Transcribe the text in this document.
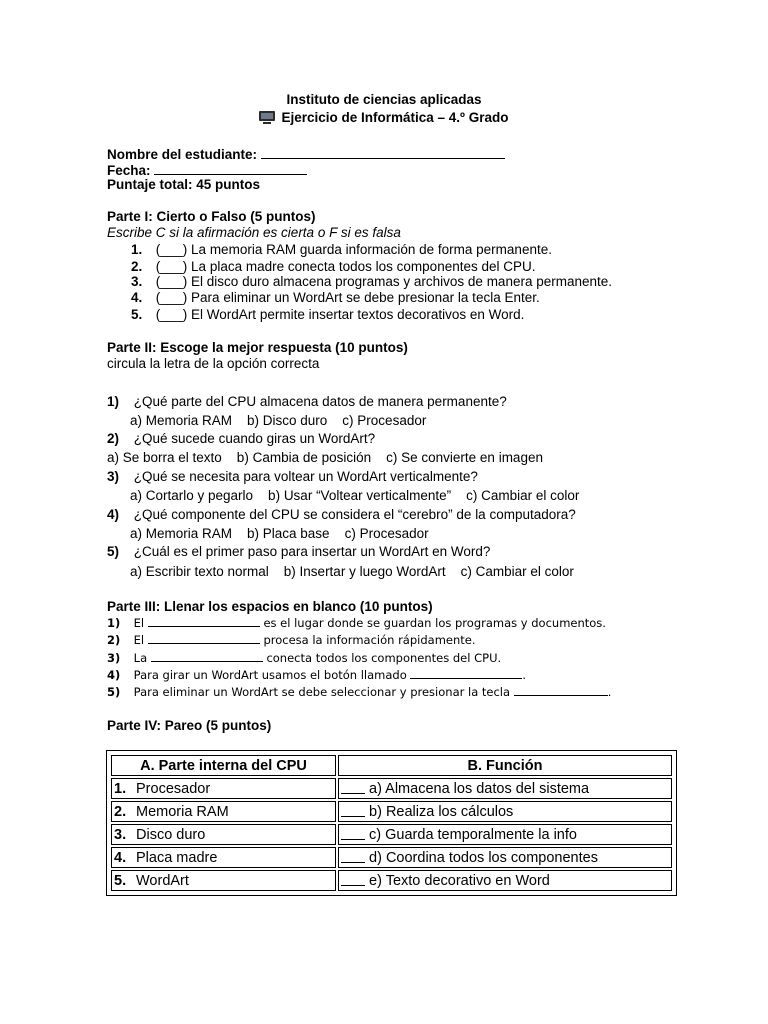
Instituto de ciencias aplicadas
Ejercicio de Informática – 4.º Grado
Nombre del estudiante:
Fecha:
Puntaje total: 45 puntos
Parte I: Cierto o Falso (5 puntos)
Escribe C si la afirmación es cierta o F si es falsa
1. (___) La memoria RAM guarda información de forma permanente.
2. (___) La placa madre conecta todos los componentes del CPU.
3. (___) El disco duro almacena programas y archivos de manera permanente.
4. (___) Para eliminar un WordArt se debe presionar la tecla Enter.
5. (___) El WordArt permite insertar textos decorativos en Word.
Parte II: Escoge la mejor respuesta (10 puntos)
circula la letra de la opción correcta
1) ¿Qué parte del CPU almacena datos de manera permanente?
a) Memoria RAM    b) Disco duro    c) Procesador
2) ¿Qué sucede cuando giras un WordArt?
a) Se borra el texto    b) Cambia de posición    c) Se convierte en imagen
3) ¿Qué se necesita para voltear un WordArt verticalmente?
a) Cortarlo y pegarlo    b) Usar “Voltear verticalmente”    c) Cambiar el color
4) ¿Qué componente del CPU se considera el “cerebro” de la computadora?
a) Memoria RAM    b) Placa base    c) Procesador
5) ¿Cuál es el primer paso para insertar un WordArt en Word?
a) Escribir texto normal    b) Insertar y luego WordArt    c) Cambiar el color
Parte III: Llenar los espacios en blanco (10 puntos)
1) El	es el lugar donde se guardan los programas y documentos.
2) El	procesa la información rápidamente.
3) La	conecta todos los componentes del CPU.
4) Para girar un WordArt usamos el botón llamado	.
5) Para eliminar un WordArt se debe seleccionar y presionar la tecla	.
Parte IV: Pareo (5 puntos)
A. Parte interna del CPU	B. Función
1. Procesador	a) Almacena los datos del sistema
2. Memoria RAM	b) Realiza los cálculos
3. Disco duro	c) Guarda temporalmente la info
4. Placa madre	d) Coordina todos los componentes
5. WordArt	e) Texto decorativo en Word
